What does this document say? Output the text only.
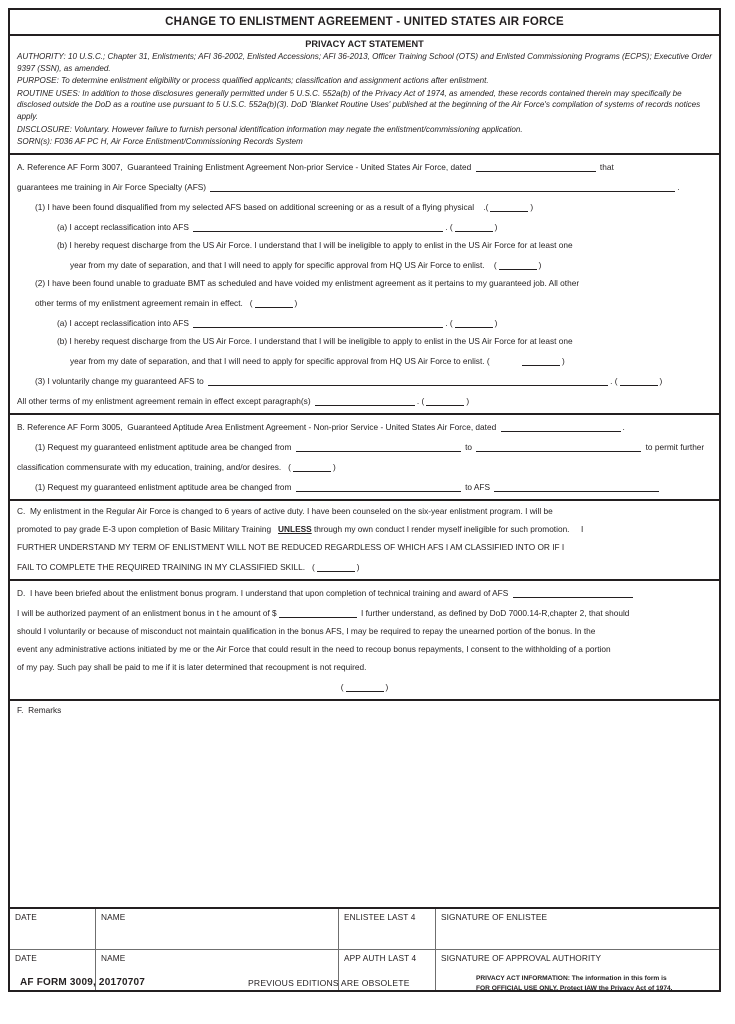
CHANGE TO ENLISTMENT AGREEMENT - UNITED STATES AIR FORCE
PRIVACY ACT STATEMENT

AUTHORITY: 10 U.S.C.; Chapter 31, Enlistments; AFI 36-2002, Enlisted Accessions; AFI 36-2013, Officer Training School (OTS) and Enlisted Commissioning Programs (ECPS); Executive Order 9397 (SSN), as amended.

PURPOSE: To determine enlistment eligibility or process qualified applicants; classification and assignment actions after enlistment.

ROUTINE USES: In addition to those disclosures generally permitted under 5 U.S.C. 552a(b) of the Privacy Act of 1974, as amended, these records contained therein may specifically be disclosed outside the DoD as a routine use pursuant to 5 U.S.C. 552a(b)(3). DoD 'Blanket Routine Uses' published at the beginning of the Air Force's compilation of systems of records notices apply.

DISCLOSURE: Voluntary. However failure to furnish personal identification information may negate the enlistment/commissioning application.

SORN(s): F036 AF PC H, Air Force Enlistment/Commissioning Records System

A. Reference AF Form 3007, Guaranteed Training Enlistment Agreement Non-prior Service - United States Air Force, dated	that
guarantees me training in Air Force Specialty (AFS)	.
(1) I have been found disqualified from my selected AFS based on additional screening or as a result of a flying physical .(	)
(a) I accept reclassification into AFS	. (	)
(b) I hereby request discharge from the US Air Force. I understand that I will be ineligible to apply to enlist in the US Air Force for at least one
year from my date of separation, and that I will need to apply for specific approval from HQ US Air Force to enlist. (	)
(2) I have been found unable to graduate BMT as scheduled and have voided my enlistment agreement as it pertains to my guaranteed job. All other
other terms of my enlistment agreement remain in effect. (	)
(a) I accept reclassification into AFS	. (	)
(b) I hereby request discharge from the US Air Force. I understand that I will be ineligible to apply to enlist in the US Air Force for at least one
year from my date of separation, and that I will need to apply for specific approval from HQ US Air Force to enlist. (	)
(3) I voluntarily change my guaranteed AFS to	. (	)
All other terms of my enlistment agreement remain in effect except paragraph(s)	. (	)
B. Reference AF Form 3005, Guaranteed Aptitude Area Enlistment Agreement - Non-prior Service - United States Air Force, dated	.
(1) Request my guaranteed enlistment aptitude area be changed from	to	to permit further
classification commensurate with my education, training, and/or desires. (	)
(1) Request my guaranteed enlistment aptitude area be changed from	to AFS
C. My enlistment in the Regular Air Force is changed to 6 years of active duty. I have been counseled on the six-year enlistment program. I will be
promoted to pay grade E-3 upon completion of Basic Military Training UNLESS through my own conduct I render myself ineligible for such promotion. I
FURTHER UNDERSTAND MY TERM OF ENLISTMENT WILL NOT BE REDUCED REGARDLESS OF WHICH AFS I AM CLASSIFIED INTO OR IF I
FAIL TO COMPLETE THE REQUIRED TRAINING IN MY CLASSIFIED SKILL. (	)
D. I have been briefed about the enlistment bonus program. I understand that upon completion of technical training and award of AFS
I will be authorized payment of an enlistment bonus in t he amount of $	I further understand, as defined by DoD 7000.14-R,chapter 2, that should
should I voluntarily or because of misconduct not maintain qualification in the bonus AFS, I may be required to repay the unearned portion of the bonus. In the
event any administrative actions initiated by me or the Air Force that could result in the need to recoup bonus repayments, I consent to the withholding of a portion
of my pay. Such pay shall be paid to me if it is later determined that recoupment is not required.
(	)
F. Remarks
DATE	NAME	ENLISTEE LAST 4	SIGNATURE OF ENLISTEE
DATE	NAME	APP AUTH LAST 4	SIGNATURE OF APPROVAL AUTHORITY
AF FORM 3009, 20170707	PREVIOUS EDITIONS ARE OBSOLETE	PRIVACY ACT INFORMATION: The information in this form is
FOR OFFICIAL USE ONLY. Protect IAW the Privacy Act of 1974.
